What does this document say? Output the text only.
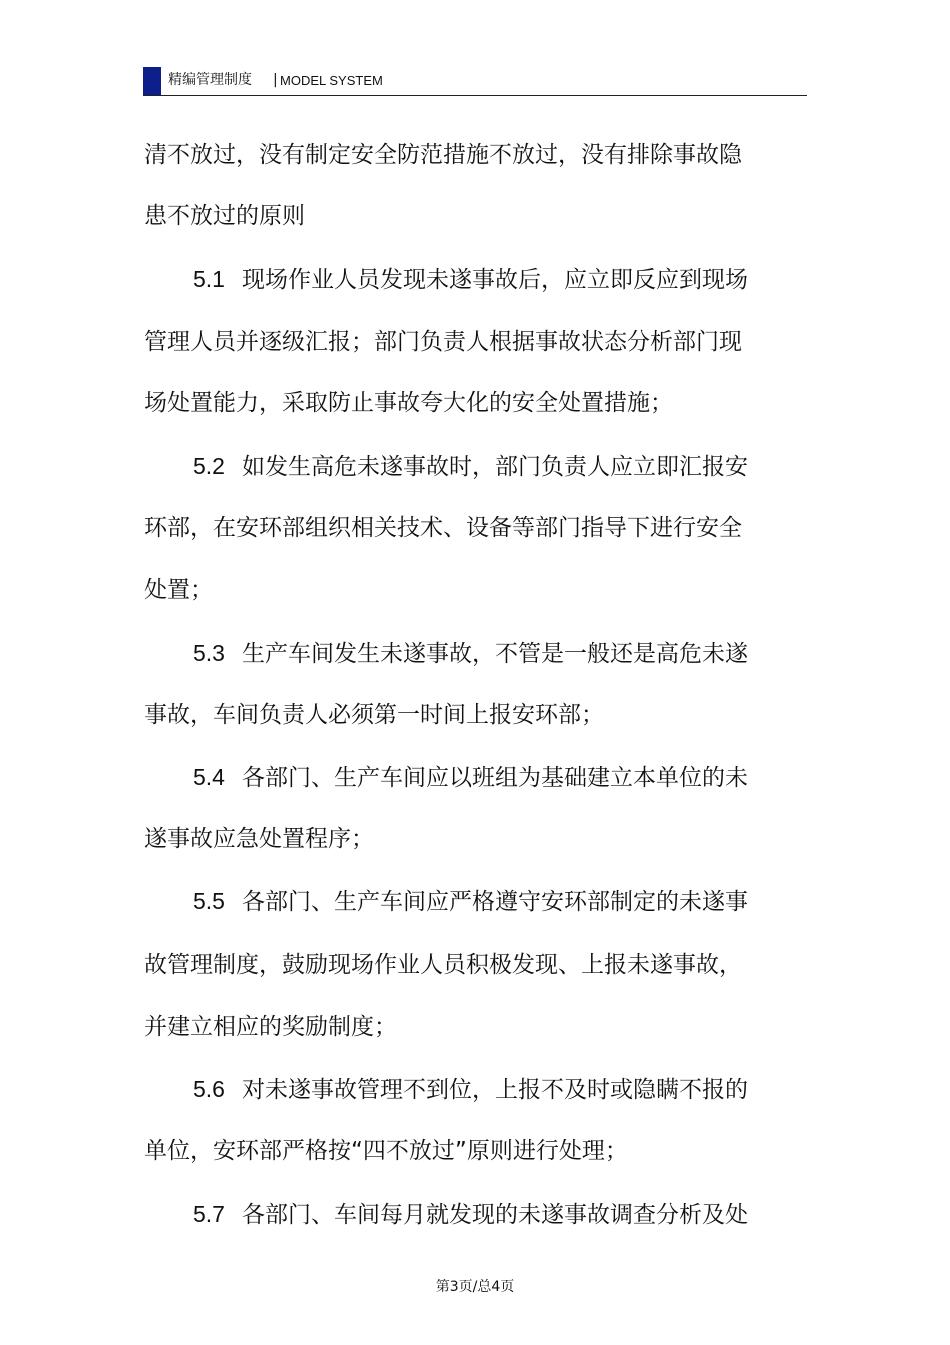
精编管理制度 | MODEL SYSTEM
清不放过，没有制定安全防范措施不放过，没有排除事故隐
患不放过的原则
5.1 现场作业人员发现未遂事故后，应立即反应到现场
管理人员并逐级汇报；部门负责人根据事故状态分析部门现
场处置能力，采取防止事故夸大化的安全处置措施；
5.2 如发生高危未遂事故时，部门负责人应立即汇报安
环部，在安环部组织相关技术、设备等部门指导下进行安全
处置；
5.3 生产车间发生未遂事故，不管是一般还是高危未遂
事故，车间负责人必须第一时间上报安环部；
5.4 各部门、生产车间应以班组为基础建立本单位的未
遂事故应急处置程序；
5.5 各部门、生产车间应严格遵守安环部制定的未遂事
故管理制度，鼓励现场作业人员积极发现、上报未遂事故，
并建立相应的奖励制度；
5.6 对未遂事故管理不到位，上报不及时或隐瞒不报的
单位，安环部严格按“四不放过”原则进行处理；
5.7 各部门、车间每月就发现的未遂事故调查分析及处
第3页/总4页
